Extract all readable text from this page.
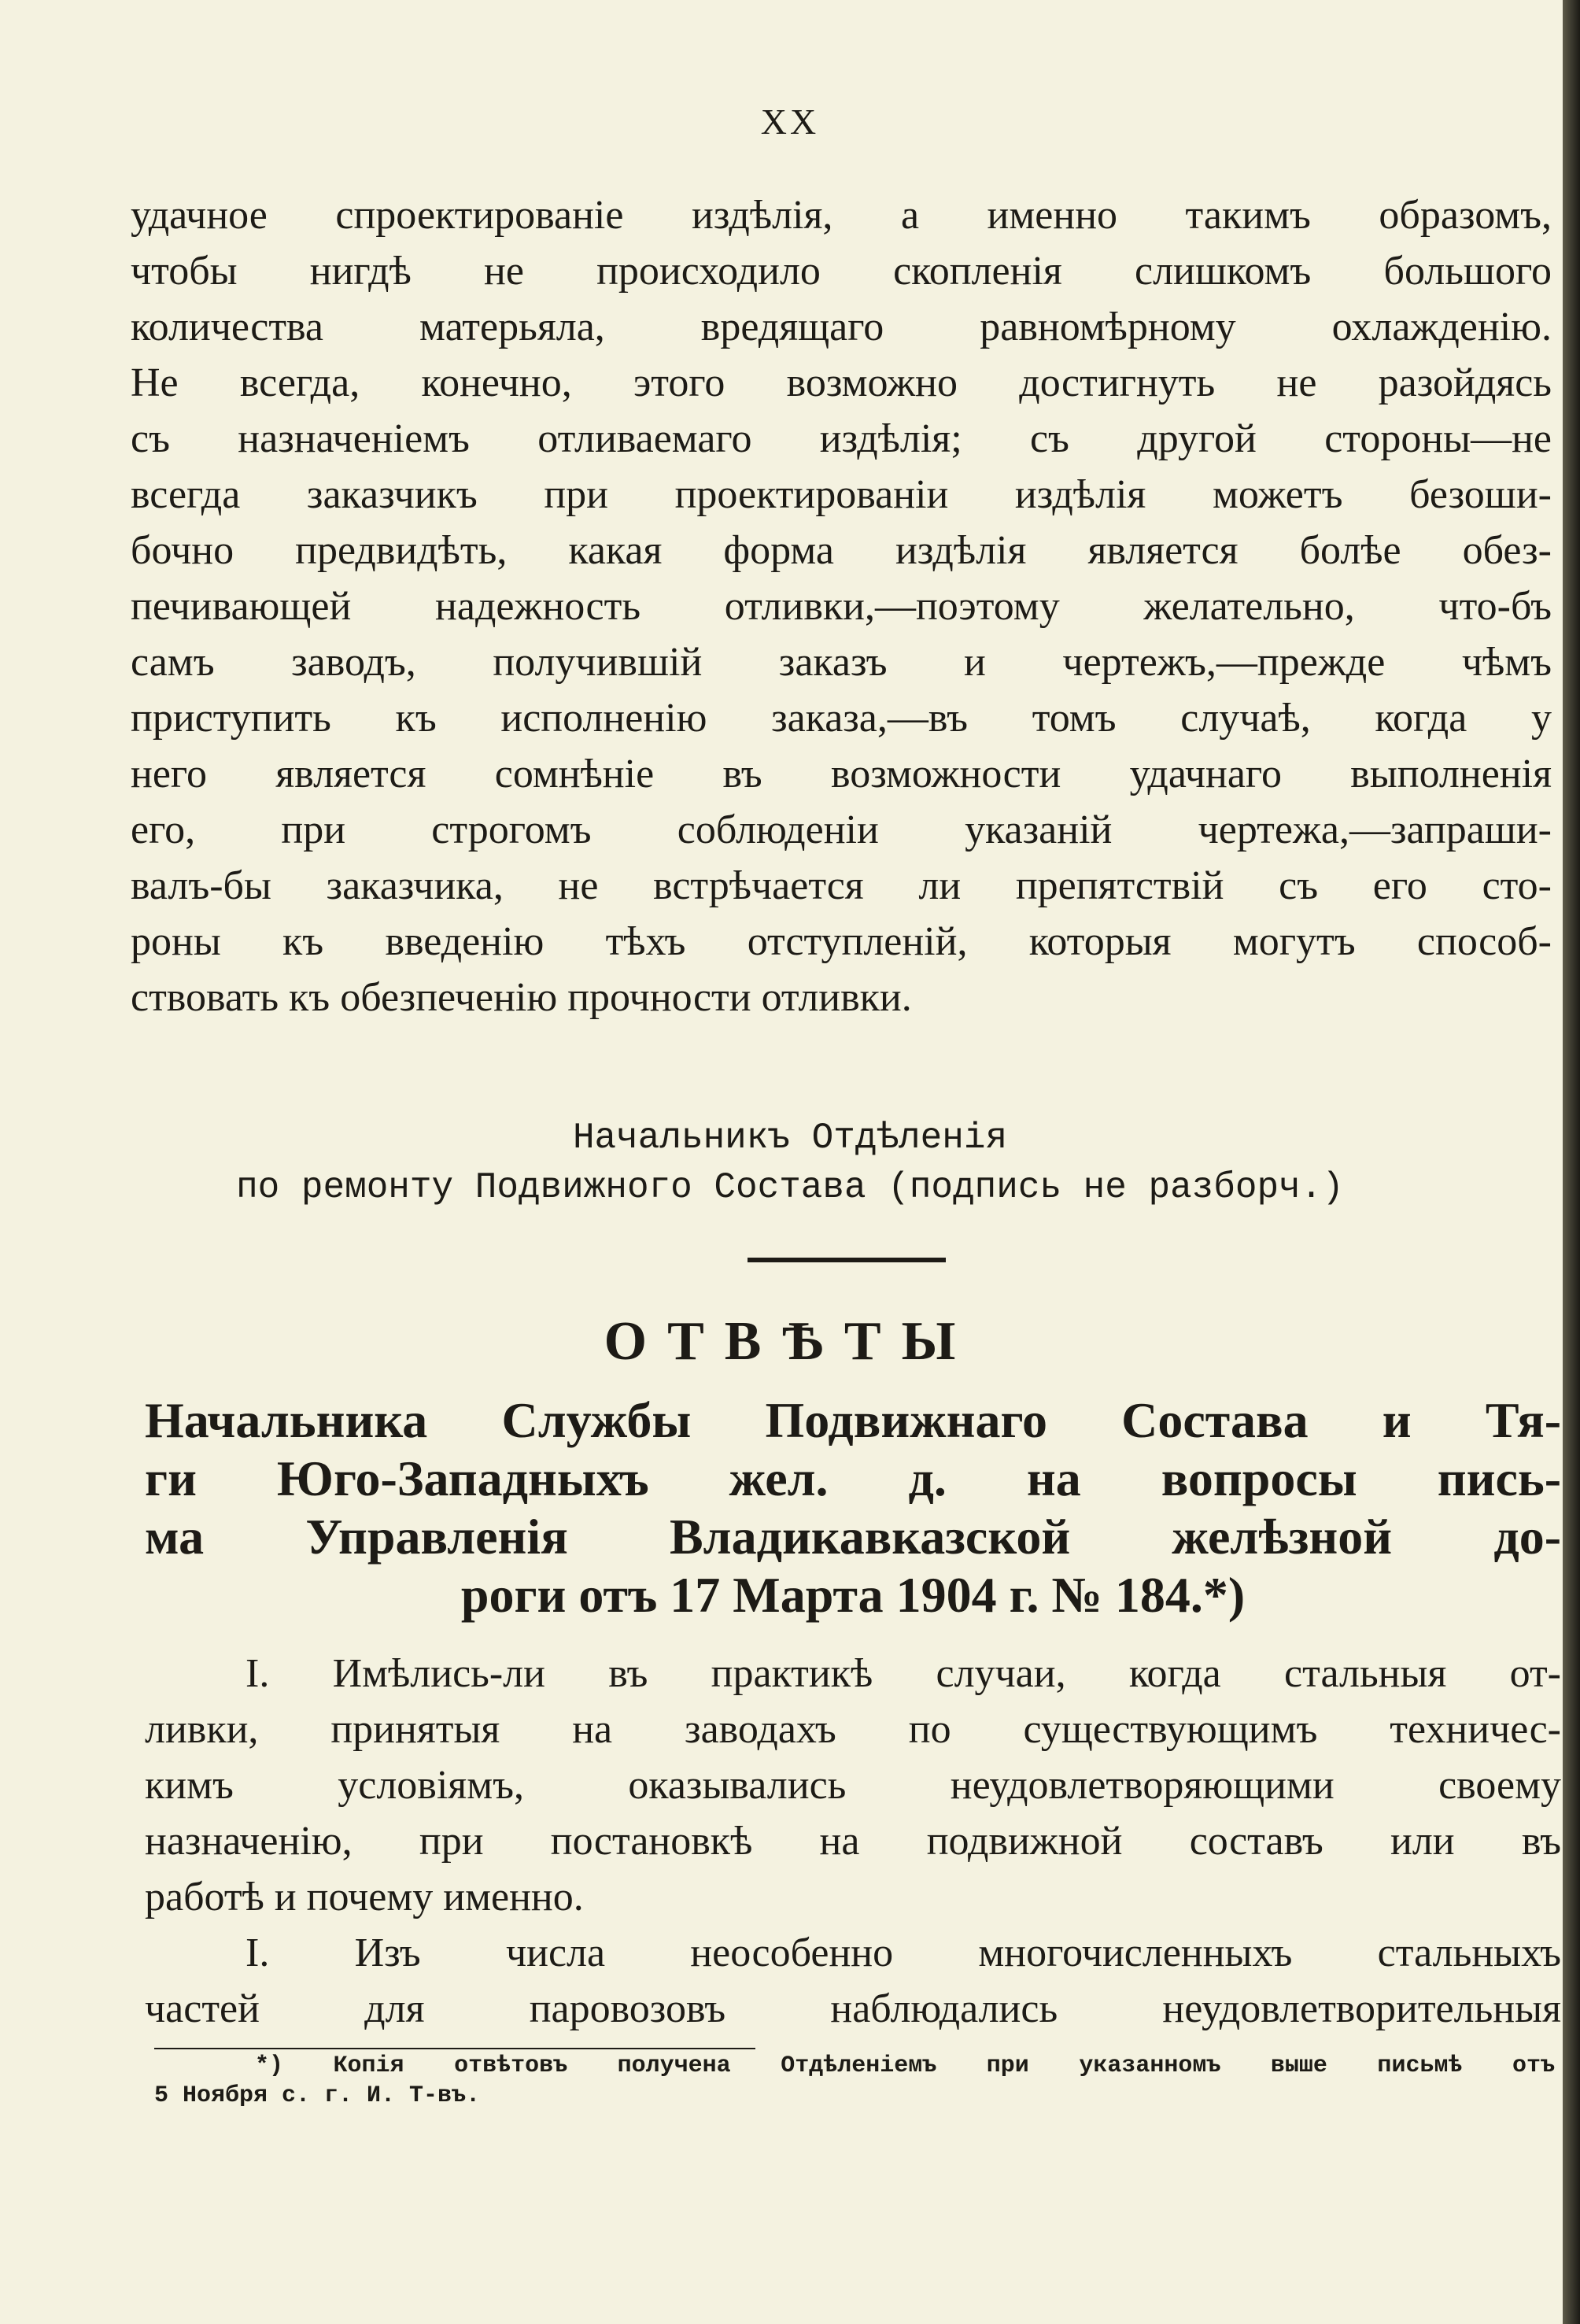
XX

удачное спроектированіе издѣлія, а именно такимъ образомъ,
чтобы нигдѣ не происходило скопленія слишкомъ большого
количества матерьяла, вредящаго равномѣрному охлажденію.
Не всегда, конечно, этого возможно достигнуть не разойдясь
съ назначеніемъ отливаемаго издѣлія; съ другой стороны—не
всегда заказчикъ при проектированіи издѣлія можетъ безоши-
бочно предвидѣть, какая форма издѣлія является болѣе обез-
печивающей надежность отливки,—поэтому желательно, что-бъ
самъ заводъ, получившій заказъ и чертежъ,—прежде чѣмъ
приступить къ исполненію заказа,—въ томъ случаѣ, когда у
него является сомнѣніе въ возможности удачнаго выполненія
его, при строгомъ соблюденіи указаній чертежа,—запраши-
валъ-бы заказчика, не встрѣчается ли препятствій съ его сто-
роны къ введенію тѣхъ отступленій, которыя могутъ способ-
ствовать къ обезпеченію прочности отливки.

Начальникъ Отдѣленія
по ремонту Подвижного Состава (подпись не разборч.)
ОТВѢТЫ

Начальника Службы Подвижнаго Состава и Тя-
ги Юго-Западныхъ жел. д. на вопросы пись-
ма Управленія Владикавказской желѣзной до-
роги отъ 17 Марта 1904 г. № 184.*)

I. Имѣлись-ли въ практикѣ случаи, когда стальныя от-
ливки, принятыя на заводахъ по существующимъ техничес-
кимъ условіямъ, оказывались неудовлетворяющими своему
назначенію, при постановкѣ на подвижной составъ или въ
работѣ и почему именно.

I. Изъ числа неособенно многочисленныхъ стальныхъ
частей для паровозовъ наблюдались неудовлетворительныя

*) Копія отвѣтовъ получена Отдѣленіемъ при указанномъ выше письмѣ отъ
5 Ноября с. г. И. Т-въ.
